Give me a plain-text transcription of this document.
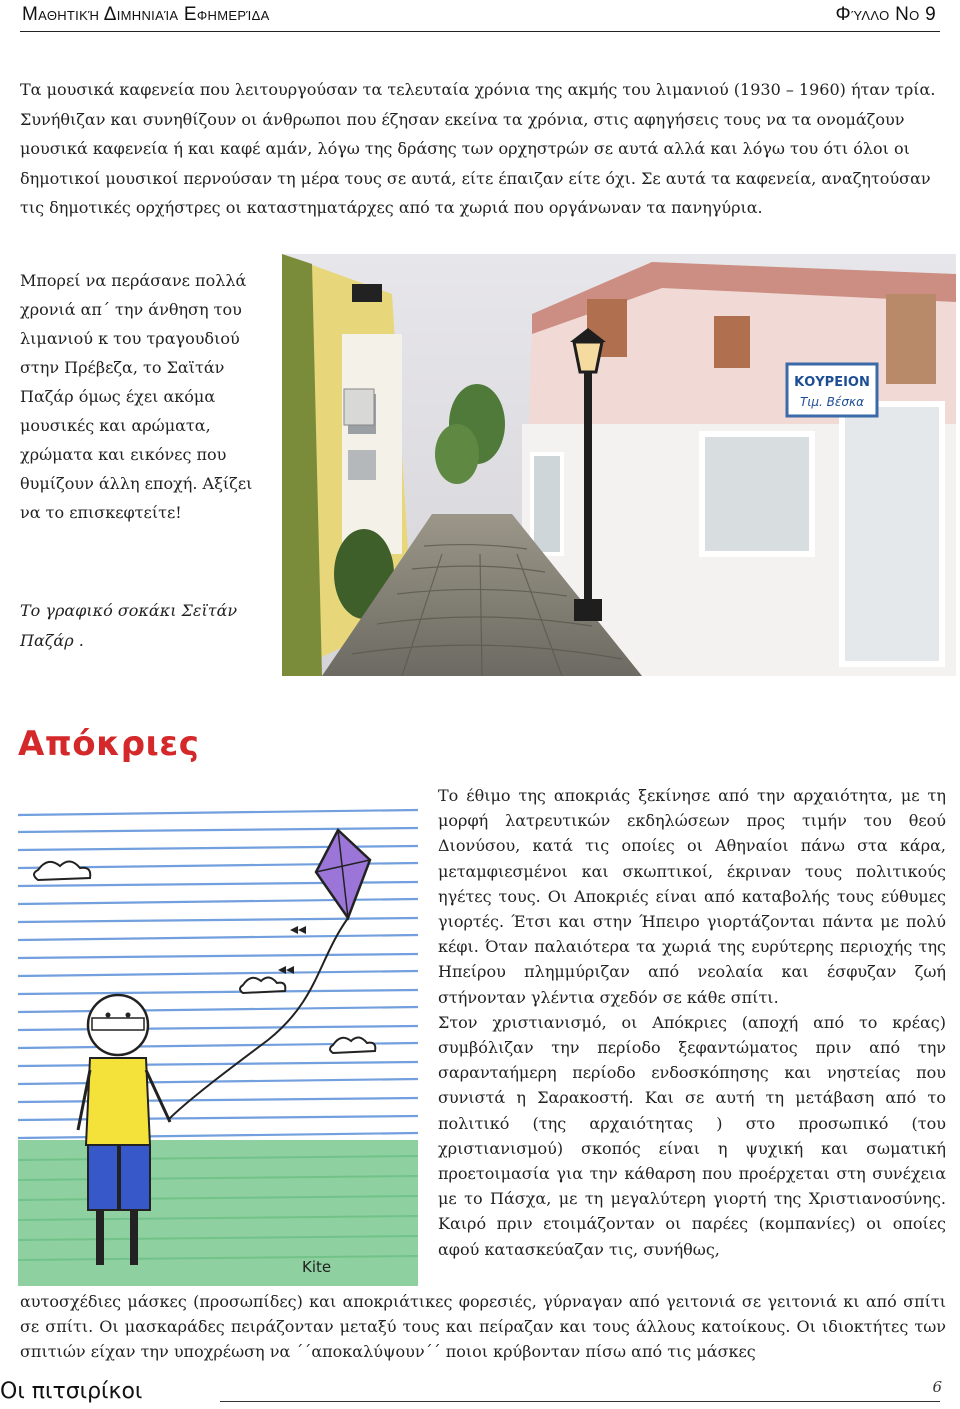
Μαθητική Διμηνιαία Εφημερίδα	Φύλλο Νο 9
Τα μουσικά καφενεία που λειτουργούσαν τα τελευταία χρόνια της ακμής του λιμανιού (1930 – 1960) ήταν τρία. Συνήθιζαν και συνηθίζουν οι άνθρωποι που έζησαν εκείνα τα χρόνια, στις αφηγήσεις τους να τα ονομάζουν μουσικά καφενεία ή και καφέ αμάν, λόγω της δράσης των ορχηστρών σε αυτά αλλά και λόγω του ότι όλοι οι δημοτικοί μουσικοί περνούσαν τη μέρα τους σε αυτά, είτε έπαιζαν είτε όχι. Σε αυτά τα καφενεία, αναζητούσαν τις δημοτικές ορχήστρες οι καταστηματάρχες από τα χωριά που οργάνωναν τα πανηγύρια.
Μπορεί να περάσανε πολλά χρονιά απ΄ την άνθηση του λιμανιού κ του τραγουδιού στην Πρέβεζα, το Σαϊτάν Παζάρ όμως έχει ακόμα μουσικές και αρώματα, χρώματα και εικόνες που θυμίζουν άλλη εποχή. Αξίζει να το επισκεφτείτε!
Το γραφικό σοκάκι Σεϊτάν Παζάρ .
ΚΟΥΡΕΙΟΝ
Τιμ. Βέσκα
Απόκριες
Kite

Το έθιμο της αποκριάς ξεκίνησε από την αρχαιότητα, με τη μορφή λατρευτικών εκδηλώσεων προς τιμήν του θεού Διονύσου, κατά τις οποίες οι Αθηναίοι πάνω στα κάρα, μεταμφιεσμένοι και σκωπτικοί, έκριναν τους πολιτικούς ηγέτες τους. Οι Αποκριές είναι από καταβολής τους εύθυμες γιορτές. Έτσι και στην Ήπειρο γιορτάζονται πάντα με πολύ κέφι. Όταν παλαιότερα τα χωριά της ευρύτερης περιοχής της Ηπείρου πλημμύριζαν από νεολαία και έσφυζαν ζωή στήνονταν γλέντια σχεδόν σε κάθε σπίτι.

Στον χριστιανισμό, οι Απόκριες (αποχή από το κρέας) συμβόλιζαν την περίοδο ξεφαντώματος πριν από την σαρανταήμερη περίοδο ενδοσκόπησης και νηστείας που συνιστά η Σαρακοστή. Και σε αυτή τη μετάβαση από το πολιτικό (της αρχαιότητας ) στο προσωπικό (του χριστιανισμού) σκοπός είναι η ψυχική και σωματική προετοιμασία για την κάθαρση που προέρχεται στη συνέχεια με το Πάσχα, με τη μεγαλύτερη γιορτή της Χριστιανοσύνης. Καιρό πριν ετοιμάζονταν οι παρέες (κομπανίες) οι οποίες αφού κατασκεύαζαν τις, συνήθως,

αυτοσχέδιες μάσκες (προσωπίδες) και αποκριάτικες φορεσιές, γύρναγαν από γειτονιά σε γειτονιά κι από σπίτι σε σπίτι. Οι μασκαράδες πειράζονταν μεταξύ τους και πείραζαν και τους άλλους κατοίκους. Οι ιδιοκτήτες των σπιτιών είχαν την υποχρέωση να ΄΄αποκαλύψουν΄΄ ποιοι κρύβονταν πίσω από τις μάσκες
Οι πιτσιρίκοι	6
